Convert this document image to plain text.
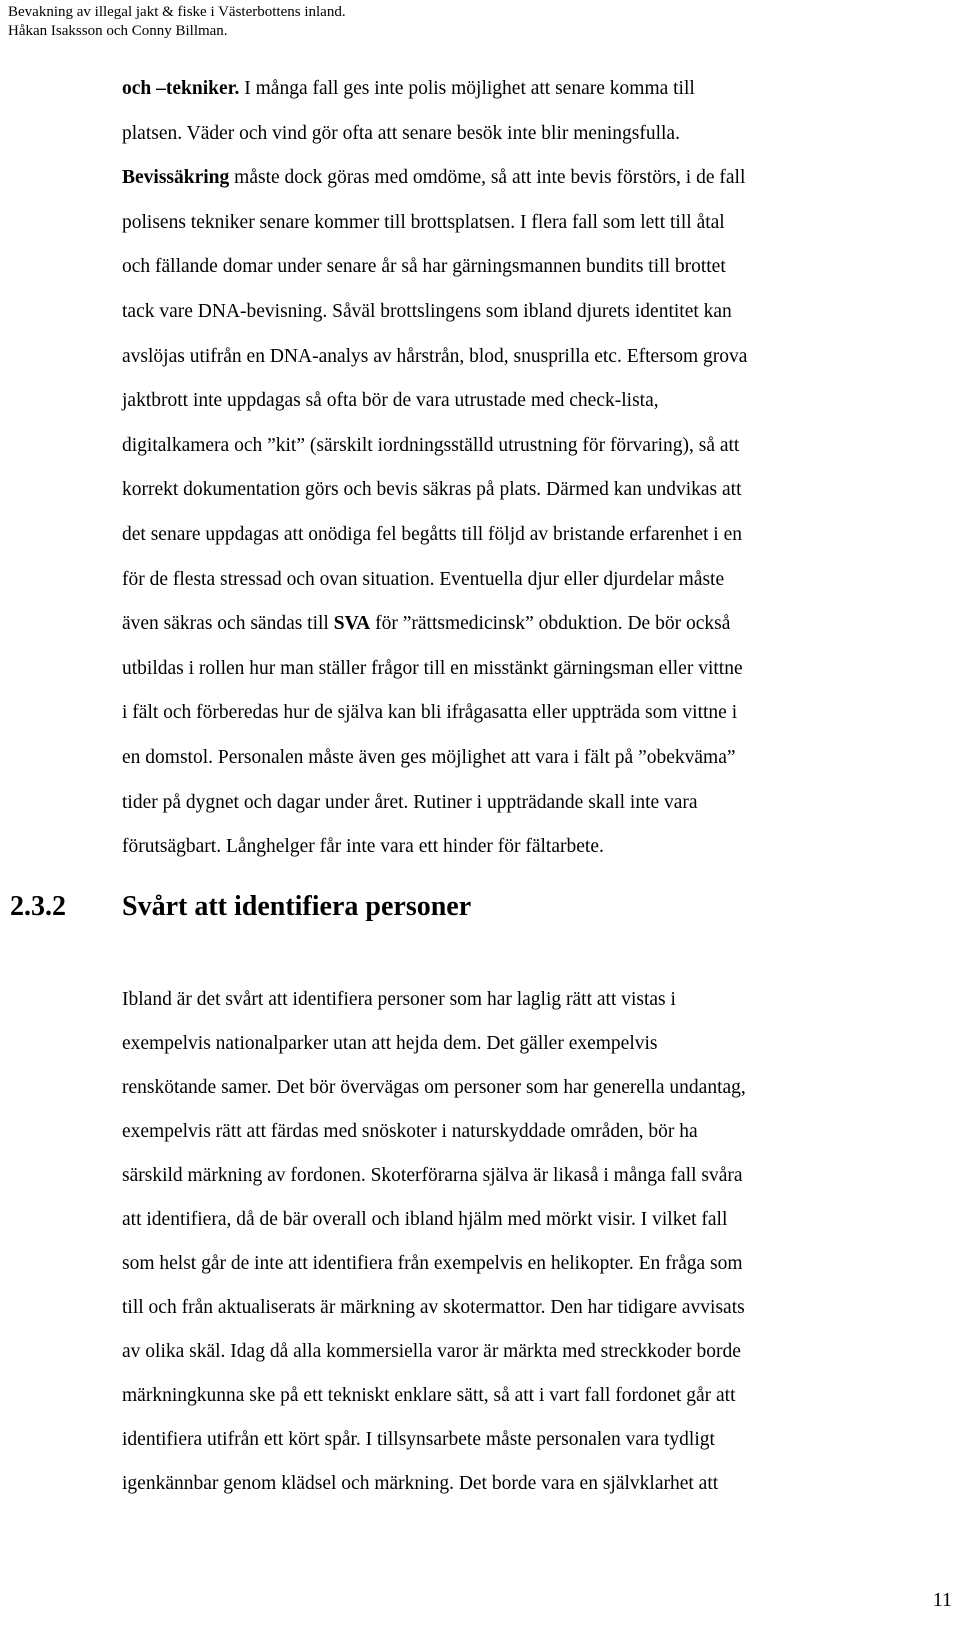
Bevakning av illegal jakt & fiske i Västerbottens inland.
Håkan Isaksson och Conny Billman.
och –tekniker. I många fall ges inte polis möjlighet att senare komma till
platsen. Väder och vind gör ofta att senare besök inte blir meningsfulla.
Bevissäkring måste dock göras med omdöme, så att inte bevis förstörs, i de fall
polisens tekniker senare kommer till brottsplatsen. I flera fall som lett till åtal
och fällande domar under senare år så har gärningsmannen bundits till brottet
tack vare DNA-bevisning. Såväl brottslingens som ibland djurets identitet kan
avslöjas utifrån en DNA-analys av hårstrån, blod, snusprilla etc. Eftersom grova
jaktbrott inte uppdagas så ofta bör de vara utrustade med check-lista,
digitalkamera och ”kit” (särskilt iordningsställd utrustning för förvaring), så att
korrekt dokumentation görs och bevis säkras på plats. Därmed kan undvikas att
det senare uppdagas att onödiga fel begåtts till följd av bristande erfarenhet i en
för de flesta stressad och ovan situation. Eventuella djur eller djurdelar måste
även säkras och sändas till SVA för ”rättsmedicinsk” obduktion. De bör också
utbildas i rollen hur man ställer frågor till en misstänkt gärningsman eller vittne
i fält och förberedas hur de själva kan bli ifrågasatta eller uppträda som vittne i
en domstol. Personalen måste även ges möjlighet att vara i fält på ”obekväma”
tider på dygnet och dagar under året. Rutiner i uppträdande skall inte vara
förutsägbart. Långhelger får inte vara ett hinder för fältarbete.
2.3.2 Svårt att identifiera personer
Ibland är det svårt att identifiera personer som har laglig rätt att vistas i
exempelvis nationalparker utan att hejda dem. Det gäller exempelvis
renskötande samer. Det bör övervägas om personer som har generella undantag,
exempelvis rätt att färdas med snöskoter i naturskyddade områden, bör ha
särskild märkning av fordonen. Skoterförarna själva är likaså i många fall svåra
att identifiera, då de bär overall och ibland hjälm med mörkt visir. I vilket fall
som helst går de inte att identifiera från exempelvis en helikopter. En fråga som
till och från aktualiserats är märkning av skotermattor. Den har tidigare avvisats
av olika skäl. Idag då alla kommersiella varor är märkta med streckkoder borde
märkningkunna ske på ett tekniskt enklare sätt, så att i vart fall fordonet går att
identifiera utifrån ett kört spår. I tillsynsarbete måste personalen vara tydligt
igenkännbar genom klädsel och märkning. Det borde vara en självklarhet att
11
